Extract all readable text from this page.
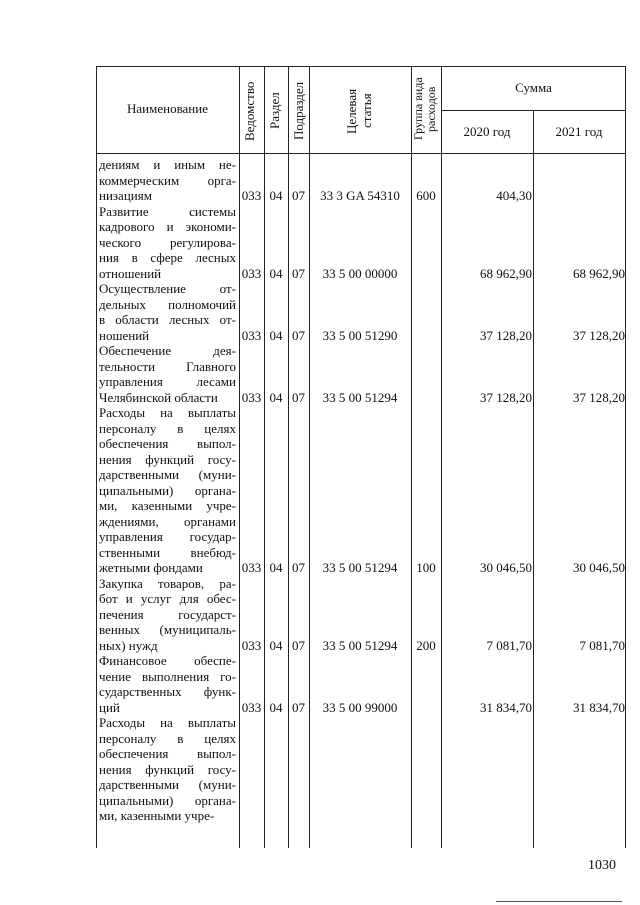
Наименование	Ведомство Раздел Подраздел	Целевая статья	Группа вида расходов	Сумма
2020 год	2021 год
дениям и иным не-
коммерческим орга-
низациям	033 04 07	33 3 GA 54310	600	404,30
Развитие системы
кадрового и экономи-
ческого регулирова-
ния в сфере лесных
отношений	033 04 07	33 5 00 00000	68 962,90	68 962,90
Осуществление от-
дельных полномочий
в области лесных от-
ношений	033 04 07	33 5 00 51290	37 128,20	37 128,20
Обеспечение дея-
тельности Главного
управления лесами
Челябинской области	033 04 07	33 5 00 51294	37 128,20	37 128,20
Расходы на выплаты
персоналу в целях
обеспечения выпол-
нения функций госу-
дарственными (муни-
ципальными) органа-
ми, казенными учре-
ждениями, органами
управления государ-
ственными внебюд-
жетными фондами	033 04 07	33 5 00 51294	100	30 046,50	30 046,50
Закупка товаров, ра-
бот и услуг для обес-
печения государст-
венных (муниципаль-
ных) нужд	033 04 07	33 5 00 51294	200	7 081,70	7 081,70
Финансовое обеспе-
чение выполнения го-
сударственных функ-
ций	033 04 07	33 5 00 99000	31 834,70	31 834,70
Расходы на выплаты
персоналу в целях
обеспечения выпол-
нения функций госу-
дарственными (муни-
ципальными) органа-
ми, казенными учре-
1030
